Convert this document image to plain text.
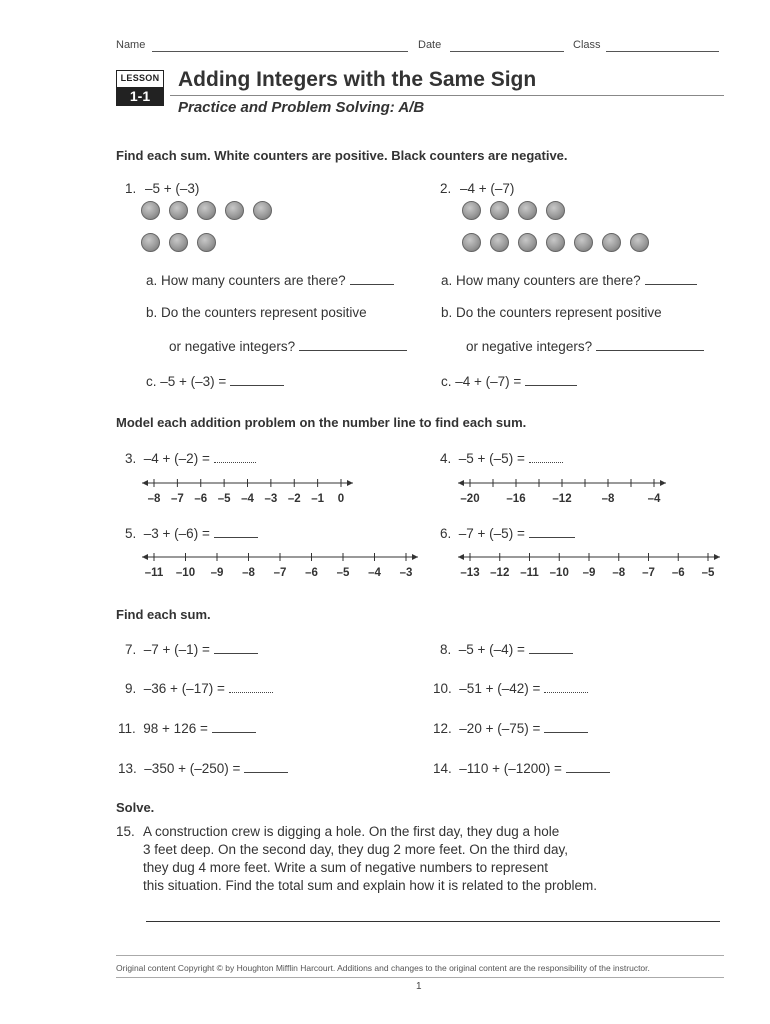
Name	Date	Class
LESSON
1-1
Adding Integers with the Same Sign
Practice and Problem Solving: A/B
Find each sum. White counters are positive. Black counters are negative.
1. –5 + (–3)
a. How many counters are there?
b. Do the counters represent positive
or negative integers?
c. –5 + (–3) =
2. –4 + (–7)
a. How many counters are there?
b. Do the counters represent positive
or negative integers?
c. –4 + (–7) =
Model each addition problem on the number line to find each sum.
3. –4 + (–2) =	4. –5 + (–5) =
5. –3 + (–6) =	6. –7 + (–5) =
–8 –7 –6 –5 –4 –3 –2 –1 0	–20 –16 –12	–8	–4
–11 –10 –9 –8 –7 –6 –5 –4 –3	–13 –12 –11 –10 –9 –8 –7 –6 –5
Find each sum.
7. –7 + (–1) =	8. –5 + (–4) =
9. –36 + (–17) =	10. –51 + (–42) =
11. 98 + 126 =	12. –20 + (–75) =
13. –350 + (–250) =	14. –110 + (–1200) =
Solve.
15. A construction crew is digging a hole. On the first day, they dug a hole
3 feet deep. On the second day, they dug 2 more feet. On the third day,
they dug 4 more feet. Write a sum of negative numbers to represent
this situation. Find the total sum and explain how it is related to the problem.
Original content Copyright © by Houghton Mifflin Harcourt. Additions and changes to the original content are the responsibility of the instructor.
1
